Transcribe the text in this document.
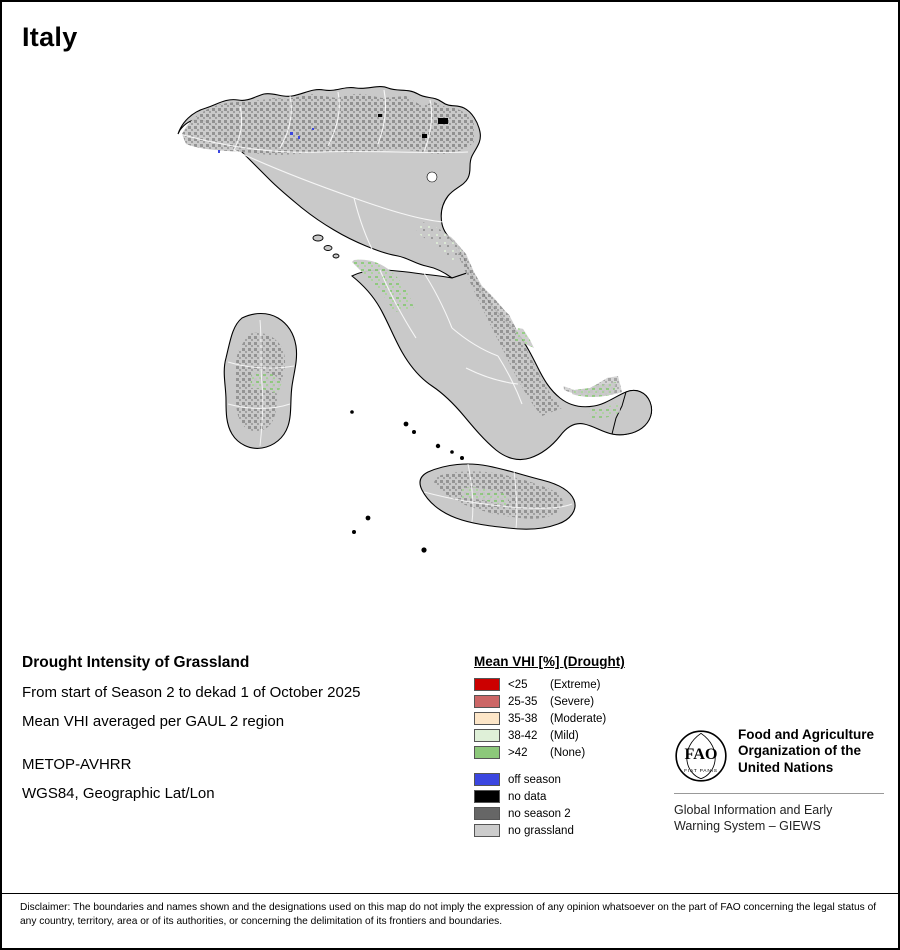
Italy
Drought Intensity of Grassland
From start of Season 2 to dekad 1 of October 2025
Mean VHI averaged per GAUL 2 region
METOP-AVHRR
WGS84, Geographic Lat/Lon
Mean VHI [%] (Drought)
<25 (Extreme)
25-35 (Severe)
35-38 (Moderate)
38-42 (Mild)
>42 (None)
off season
no data
no season 2
no grassland
FAO
FIAT PANIS
Food and Agriculture
Organization of the
United Nations
Global Information and Early
Warning System – GIEWS
Disclaimer: The boundaries and names shown and the designations used on this map do not imply the expression of any opinion whatsoever on the part of FAO concerning the legal status of any country, territory, area or of its authorities, or concerning the delimitation of its frontiers and boundaries.
